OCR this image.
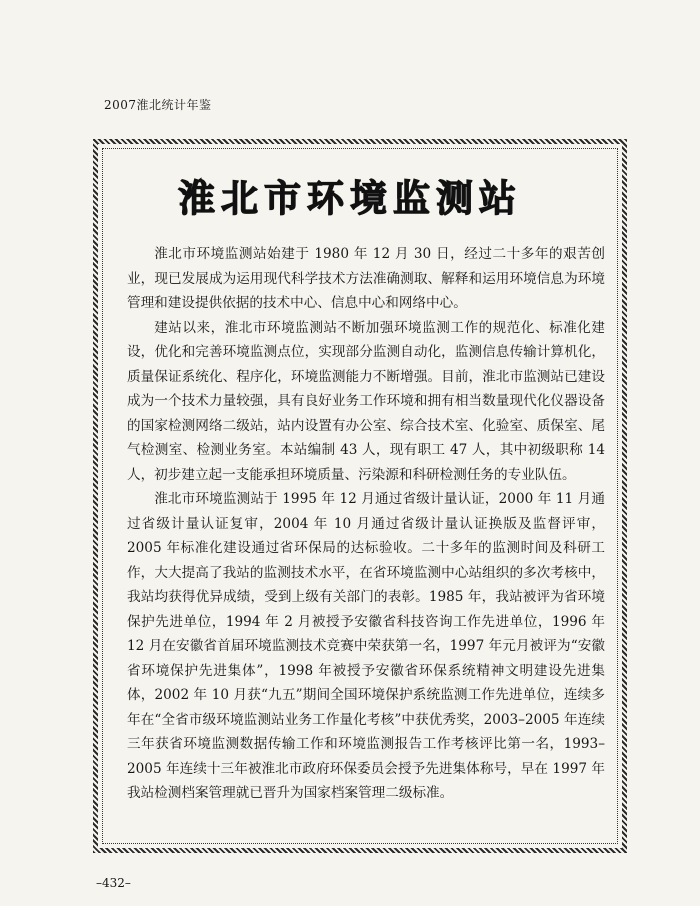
2007淮北统计年鉴
淮北市环境监测站

淮北市环境监测站始建于 1980 年 12 月 30 日，经过二十多年的艰苦创业，现已发展成为运用现代科学技术方法准确测取、解释和运用环境信息为环境管理和建设提供依据的技术中心、信息中心和网络中心。

建站以来，淮北市环境监测站不断加强环境监测工作的规范化、标准化建设，优化和完善环境监测点位，实现部分监测自动化，监测信息传输计算机化，质量保证系统化、程序化，环境监测能力不断增强。目前，淮北市监测站已建设成为一个技术力量较强，具有良好业务工作环境和拥有相当数量现代化仪器设备的国家检测网络二级站，站内设置有办公室、综合技术室、化验室、质保室、尾气检测室、检测业务室。本站编制 43 人，现有职工 47 人，其中初级职称 14 人，初步建立起一支能承担环境质量、污染源和科研检测任务的专业队伍。

淮北市环境监测站于 1995 年 12 月通过省级计量认证，2000 年 11 月通过省级计量认证复审，2004 年 10 月通过省级计量认证换版及监督评审，2005 年标准化建设通过省环保局的达标验收。二十多年的监测时间及科研工作，大大提高了我站的监测技术水平，在省环境监测中心站组织的多次考核中，我站均获得优异成绩，受到上级有关部门的表彰。1985 年，我站被评为省环境保护先进单位，1994 年 2 月被授予安徽省科技咨询工作先进单位，1996 年 12 月在安徽省首届环境监测技术竞赛中荣获第一名，1997 年元月被评为“安徽省环境保护先进集体”，1998 年被授予安徽省环保系统精神文明建设先进集体，2002 年 10 月获“九五”期间全国环境保护系统监测工作先进单位，连续多年在“全省市级环境监测站业务工作量化考核”中获优秀奖，2003–2005 年连续三年获省环境监测数据传输工作和环境监测报告工作考核评比第一名，1993–2005 年连续十三年被淮北市政府环保委员会授予先进集体称号，早在 1997 年我站检测档案管理就已晋升为国家档案管理二级标准。

–432–
